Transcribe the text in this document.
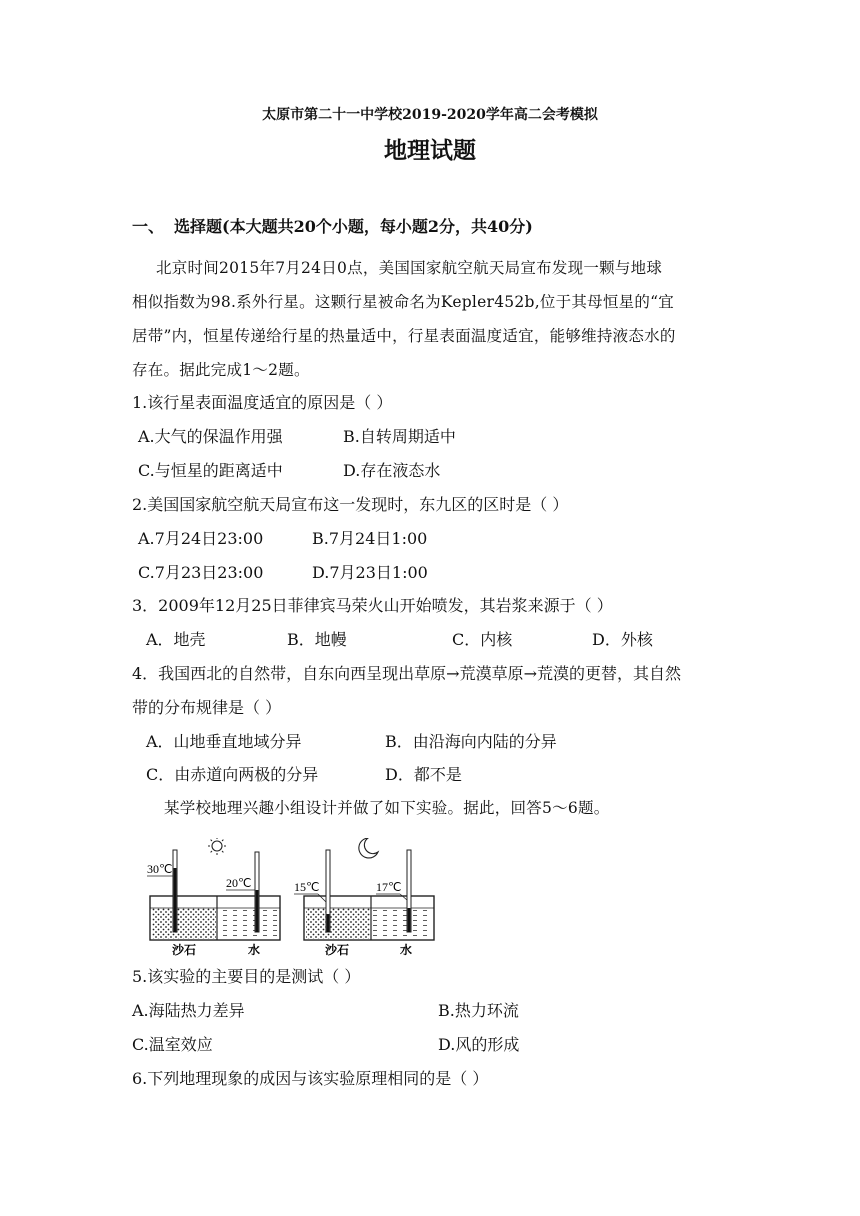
太原市第二十一中学校2019-2020学年高二会考模拟
地理试题
一、 选择题(本大题共20个小题，每小题2分，共40分)
北京时间2015年7月24日0点，美国国家航空航天局宣布发现一颗与地球
相似指数为98.系外行星。这颗行星被命名为Kepler452b,位于其母恒星的“宜
居带”内，恒星传递给行星的热量适中，行星表面温度适宜，能够维持液态水的
存在。据此完成1～2题。
1.该行星表面温度适宜的原因是（ ）
A.大气的保温作用强	B.自转周期适中
C.与恒星的距离适中	D.存在液态水
2.美国国家航空航天局宣布这一发现时，东九区的区时是（ ）
A.7月24日23:00	B.7月24日1:00
C.7月23日23:00	D.7月23日1:00
3．2009年12月25日菲律宾马荣火山开始喷发，其岩浆来源于（ ）
A．地壳	B．地幔	C．内核	D．外核
4．我国西北的自然带，自东向西呈现出草原→荒漠草原→荒漠的更替，其自然
带的分布规律是（ ）
A．山地垂直地域分异	B．由沿海向内陆的分异
C．由赤道向两极的分异	D．都不是
某学校地理兴趣小组设计并做了如下实验。据此，回答5～6题。
30℃
20℃
沙石	水
15℃	17℃
沙石	水
5.该实验的主要目的是测试（ ）
A.海陆热力差异	B.热力环流
C.温室效应	D.风的形成
6.下列地理现象的成因与该实验原理相同的是（ ）
